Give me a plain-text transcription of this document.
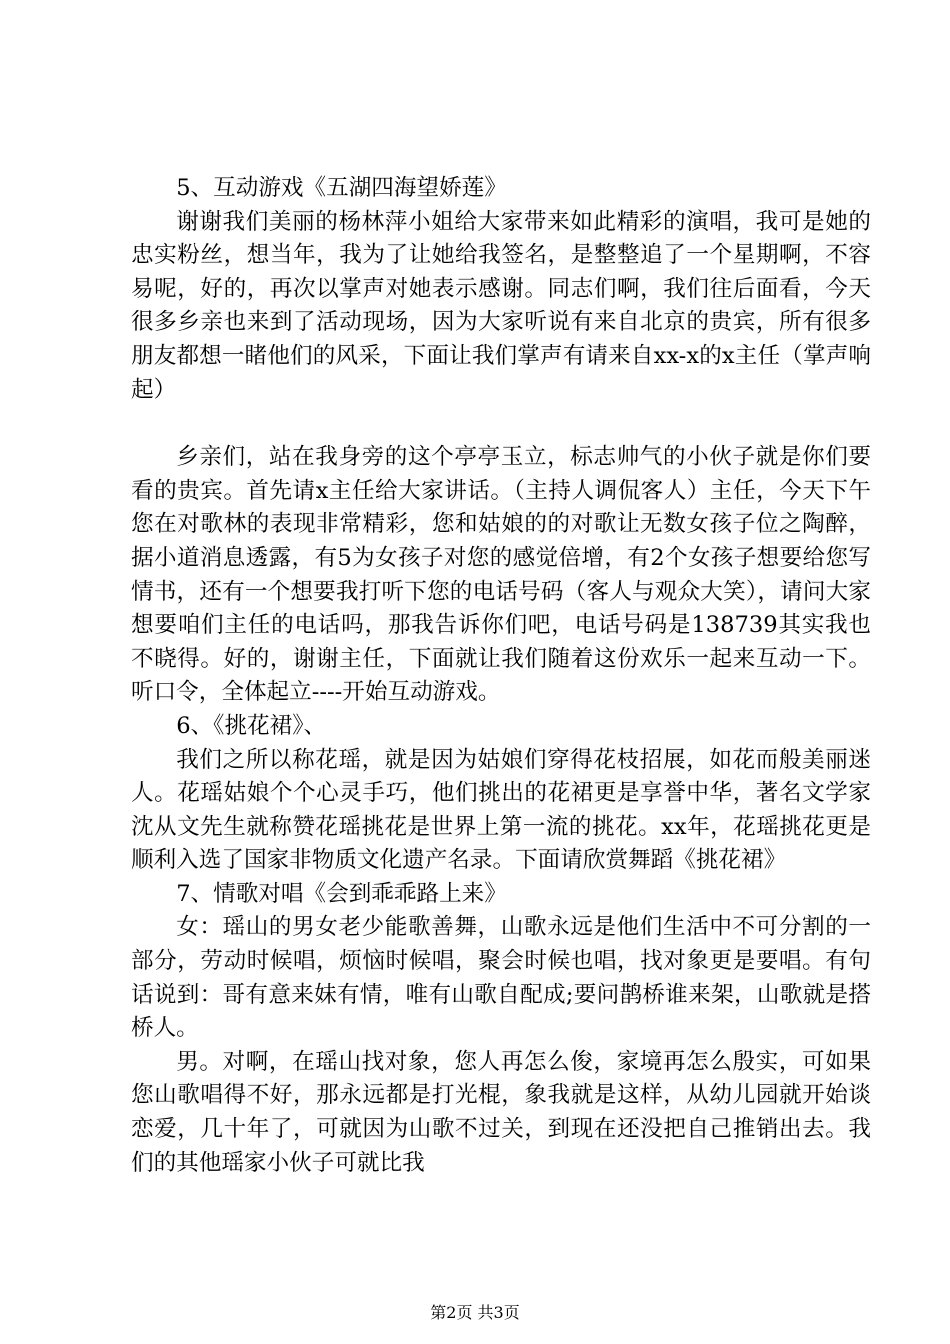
5、互动游戏《五湖四海望娇莲》

谢谢我们美丽的杨林萍小姐给大家带来如此精彩的演唱，我可是她的忠实粉丝，想当年，我为了让她给我签名，是整整追了一个星期啊，不容易呢，好的，再次以掌声对她表示感谢。同志们啊，我们往后面看，今天很多乡亲也来到了活动现场，因为大家听说有来自北京的贵宾，所有很多朋友都想一睹他们的风采，下面让我们掌声有请来自xx-x的x主任（掌声响起）

乡亲们，站在我身旁的这个亭亭玉立，标志帅气的小伙子就是你们要看的贵宾。首先请x主任给大家讲话。（主持人调侃客人）主任，今天下午您在对歌林的表现非常精彩，您和姑娘的的对歌让无数女孩子位之陶醉，据小道消息透露，有5为女孩子对您的感觉倍增，有2个女孩子想要给您写情书，还有一个想要我打听下您的电话号码（客人与观众大笑），请问大家想要咱们主任的电话吗，那我告诉你们吧，电话号码是138739其实我也不晓得。好的，谢谢主任，下面就让我们随着这份欢乐一起来互动一下。听口令，全体起立----开始互动游戏。

6、《挑花裙》、

我们之所以称花瑶，就是因为姑娘们穿得花枝招展，如花而般美丽迷人。花瑶姑娘个个心灵手巧，他们挑出的花裙更是享誉中华，著名文学家沈从文先生就称赞花瑶挑花是世界上第一流的挑花。xx年，花瑶挑花更是顺利入选了国家非物质文化遗产名录。下面请欣赏舞蹈《挑花裙》

7、情歌对唱《会到乖乖路上来》

女：瑶山的男女老少能歌善舞，山歌永远是他们生活中不可分割的一部分，劳动时候唱，烦恼时候唱，聚会时候也唱，找对象更是要唱。有句话说到：哥有意来妹有情，唯有山歌自配成;要问鹊桥谁来架，山歌就是搭桥人。

男。对啊，在瑶山找对象，您人再怎么俊，家境再怎么殷实，可如果您山歌唱得不好，那永远都是打光棍，象我就是这样，从幼儿园就开始谈恋爱，几十年了，可就因为山歌不过关，到现在还没把自己推销出去。我们的其他瑶家小伙子可就比我

第2页 共3页
